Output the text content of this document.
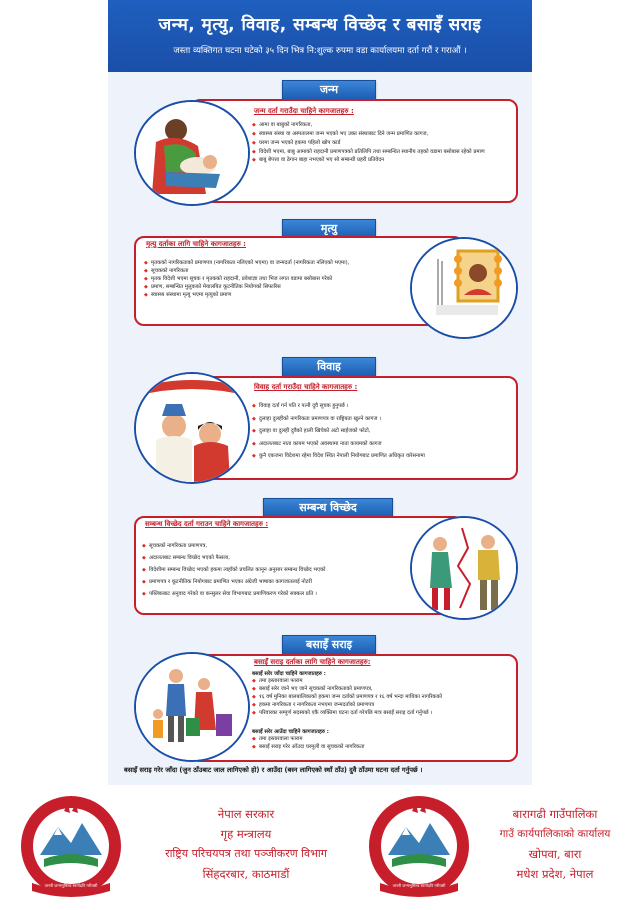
जन्म, मृत्यु, विवाह, सम्बन्ध विच्छेद र बसाइँ सराइ
जस्ता व्यक्तिगत घटना घटेको ३५ दिन भित्र नि:शुल्क रुपमा वडा कार्यालयमा दर्ता गरौं र गराऔं ।
जन्म
जन्म दर्ता गराउँदा चाहिने कागजातहरु :
◆ आमा वा बाबुको नागरिकता,
◆ स्वास्थ्य संस्था वा अस्पतालमा जन्म भएको भए उक्त संस्थाबाट दिने जन्म प्रमाणित कागज,
◆ घरमा जन्म भएको हकमा पहिलो खोप कार्ड
◆ विदेशी भएमा, बाबु आमाको राहदानी प्रमाणपत्रको प्रतिलिपि तथा सम्बन्धित स्थानीय तहको वडामा बसोबास रहेको प्रमाण
◆ बाबु बेपत्ता वा ठेगान बाहा नभएको भए सो सम्बन्धी प्रहरी प्रतिवेदन
मृत्यु
मृत्यु दर्ताका लागि चाहिने कागजातहरु :
◆ मृतकको नागरिकताको प्रमाणपत्र (नागरिकता नलिएको भएमा) वा जन्मदर्ता (नागरिकता नलिएको भएमा),
◆ सूचकको नागरिकता
◆ मृतक विदेशी भएमा सूचक र मृतकको राहदानी, प्रवेशाज्ञा तथा भिज लगत वडामा बसोबास गरेको
◆ प्रमाण, सम्बन्धित मुलुकको मेयालयित कूटनीतिक नियोगको सिफारिस
◆ स्वास्थ्य संस्थामा मृत्यु भएमा मृत्युको प्रमाण
विवाह
विवाह दर्ता गराउँदा चाहिने कागजातहरु :
◆ विवाह दर्ता गर्न पति र पत्नी दुवै सूचक हुनुपर्छ ।
◆ दुलाहा दुलहीको नागरिकता प्रमाणपत्र वा राष्ट्रियता खुल्ने कागज ।
◆ दुलाहा वा दुलही दुवैको हाली खिचेको अटो साईजको फोटो,
◆ अदालतबाट नाता कायम भएको अवस्थामा नाता कायमको कागज
◆ कुनै एकजना विदेशमा रहेमा विदेश स्थित नेपाली नियोगबाट प्रमाणित अधिकृत वारेसनामा
सम्बन्ध विच्छेद
सम्बन्ध विच्छेद दर्ता गराउन चाहिने कागजातहरु :
◆ सूचकको नागरिकता प्रमाणपत्र,
◆ अदालतबाट सम्बन्ध विच्छेद भएको फैसला,
◆ विदेशीमा सम्बन्ध विच्छेद भएको हकमा त्यहाँको प्रचलित कानून अनुसार सम्बन्ध विच्छेद भएको
◆ प्रमाणपत्र र कूटनीतिक नियोगबाट प्रमाणित भएका अंग्रेजी भाषाका कागजातलाई नोटरी
◆ पब्लिकबाट अनुवाद गरेको वा कन्सुलर सेवा विभागबाट प्रमाणिकरण गरेको सक्कल प्रति ।
बसाइँ सराइ
बसाइँ सराइ दर्ताका लागि चाहिने कागजातहरु:
बसाइँ सरेर जाँदा चाहिने कागजातहरु :
◆ तमा इस्तारवाला फाराम
◆ बसाइँ सरेर जाने भए जाने सूचकको नागरिकताको प्रमाणपत्र,
◆ १६ वर्ष मुनिका बालबालिकाको हकमा जन्म दर्ताको प्रमाणपत्र र १६ वर्ष भन्दा माथिका नागरिकको
◆ हकमा नागरिकता र नागरिकता नभएमा जन्मदर्ताको प्रमाणपत्र
◆ परिवारका सम्पूर्ण सदस्यको एकै व्यक्तिमा घटना दर्ता गरेपछि मात्र बसाइँ सराइ दर्ता गर्नुपर्छ ।
बसाइँ सरेर आउँदा चाहिने कागजातहरु :
◆ तमा इस्तारवाला फाराम
◆ बसाइँ सराइ गरेर आँउदा घरमुली वा सूचकको नागरिकता
बसाइँ सराइ गरेर जाँदा (जुन ठाँउबाट जाल लागिएको हो) र आउँदा (बस्न लागिएको स्थाँ ठाँउ) दुवै ठाँउमा घटना दर्ता गर्नुपर्छ ।
जननी जन्मभूमिश्च स्वर्गादपि गरीयसी	जननी जन्मभूमिश्च स्वर्गादपि गरीयसी
नेपाल सरकार
गृह मन्त्रालय
राष्ट्रिय परिचयपत्र तथा पञ्जीकरण विभाग
सिंहदरबार, काठमाडौं
बारागढी गाउँपालिका
गाउँ कार्यपालिकाको कार्यालय
खोपवा, बारा
मधेश प्रदेश, नेपाल
